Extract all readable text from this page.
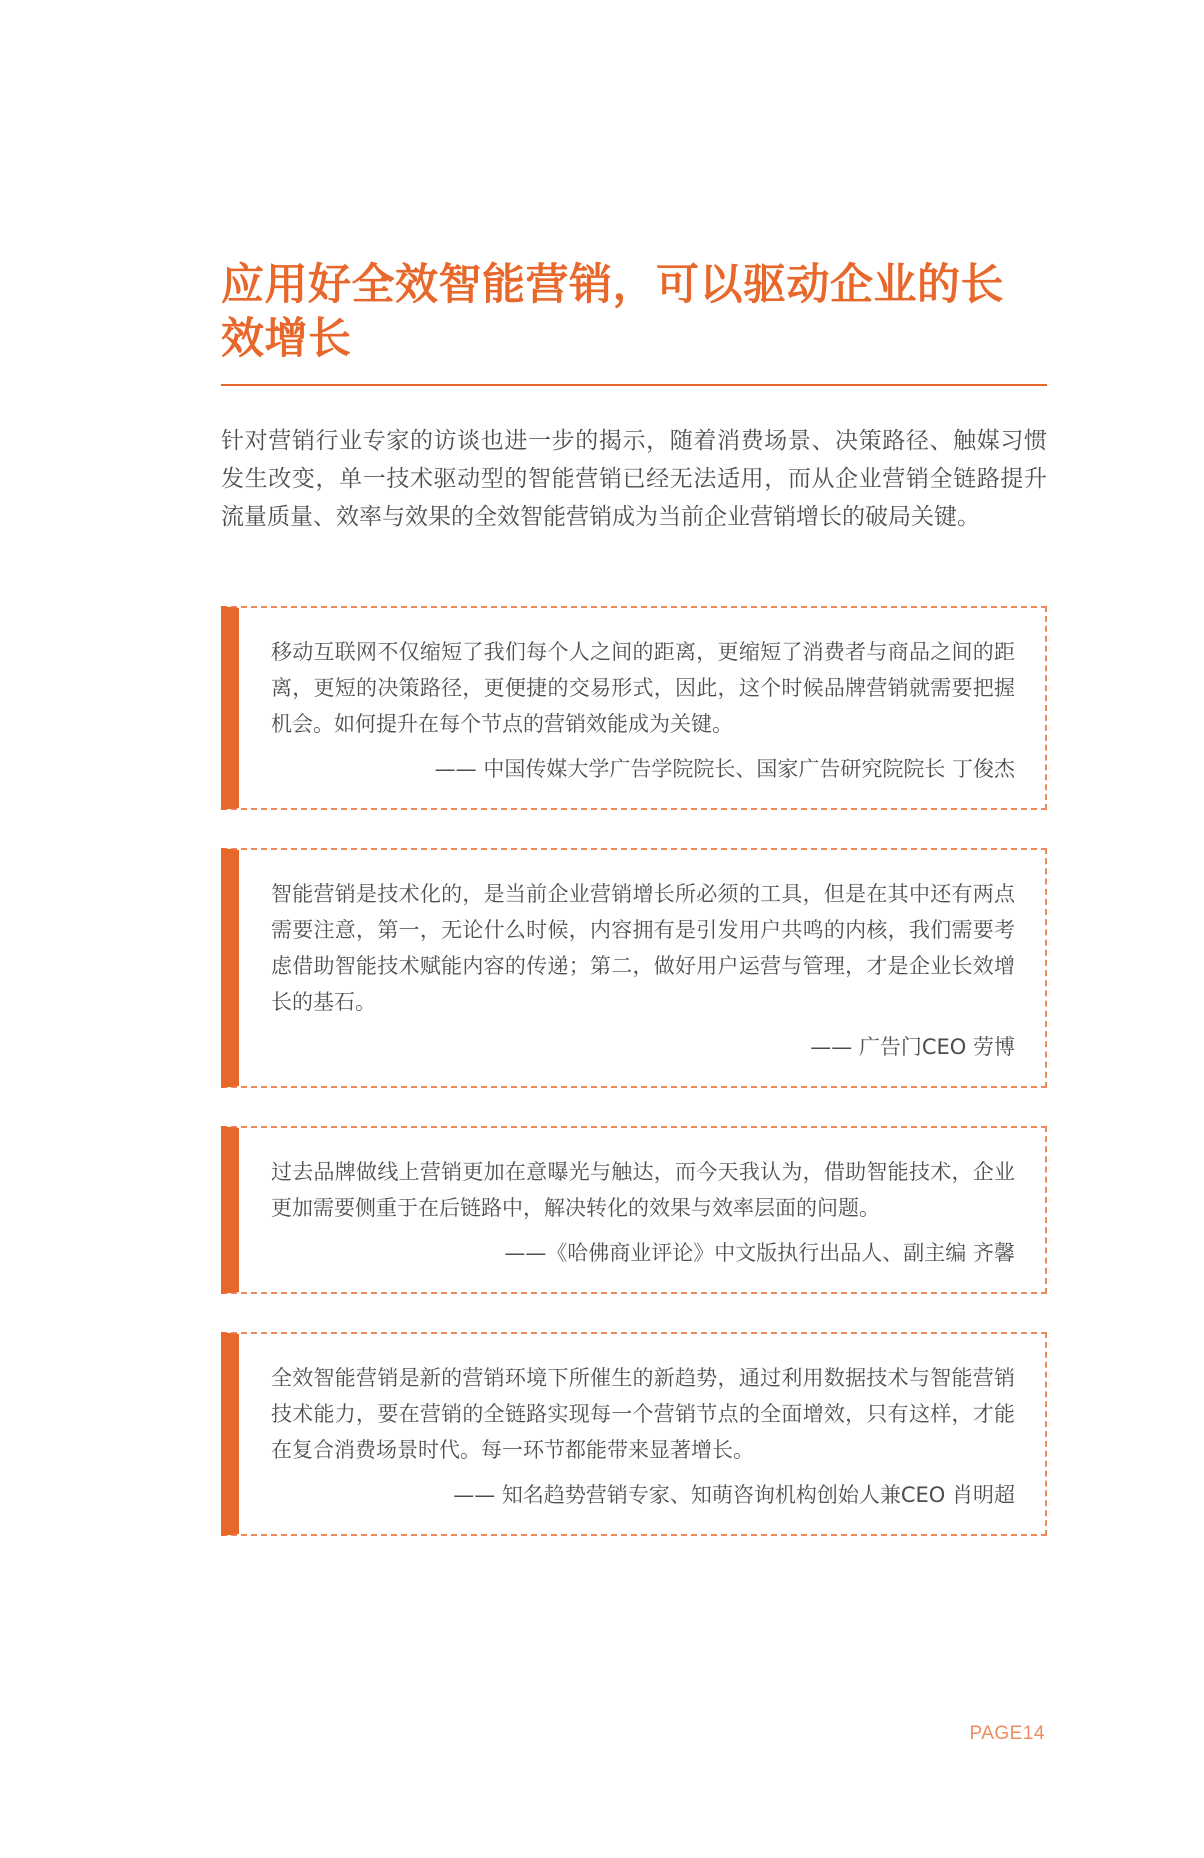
应用好全效智能营销，可以驱动企业的长效增长

针对营销行业专家的访谈也进一步的揭示，随着消费场景、决策路径、触媒习惯发生改变，单一技术驱动型的智能营销已经无法适用，而从企业营销全链路提升流量质量、效率与效果的全效智能营销成为当前企业营销增长的破局关键。

移动互联网不仅缩短了我们每个人之间的距离，更缩短了消费者与商品之间的距离，更短的决策路径，更便捷的交易形式，因此，这个时候品牌营销就需要把握机会。如何提升在每个节点的营销效能成为关键。

—— 中国传媒大学广告学院院长、国家广告研究院院长 丁俊杰

智能营销是技术化的，是当前企业营销增长所必须的工具，但是在其中还有两点需要注意，第一，无论什么时候，内容拥有是引发用户共鸣的内核，我们需要考虑借助智能技术赋能内容的传递；第二，做好用户运营与管理，才是企业长效增长的基石。

—— 广告门CEO 劳博

过去品牌做线上营销更加在意曝光与触达，而今天我认为，借助智能技术，企业更加需要侧重于在后链路中，解决转化的效果与效率层面的问题。

——《哈佛商业评论》中文版执行出品人、副主编 齐馨

全效智能营销是新的营销环境下所催生的新趋势，通过利用数据技术与智能营销技术能力，要在营销的全链路实现每一个营销节点的全面增效，只有这样，才能在复合消费场景时代。每一环节都能带来显著增长。

—— 知名趋势营销专家、知萌咨询机构创始人兼CEO 肖明超

PAGE14
